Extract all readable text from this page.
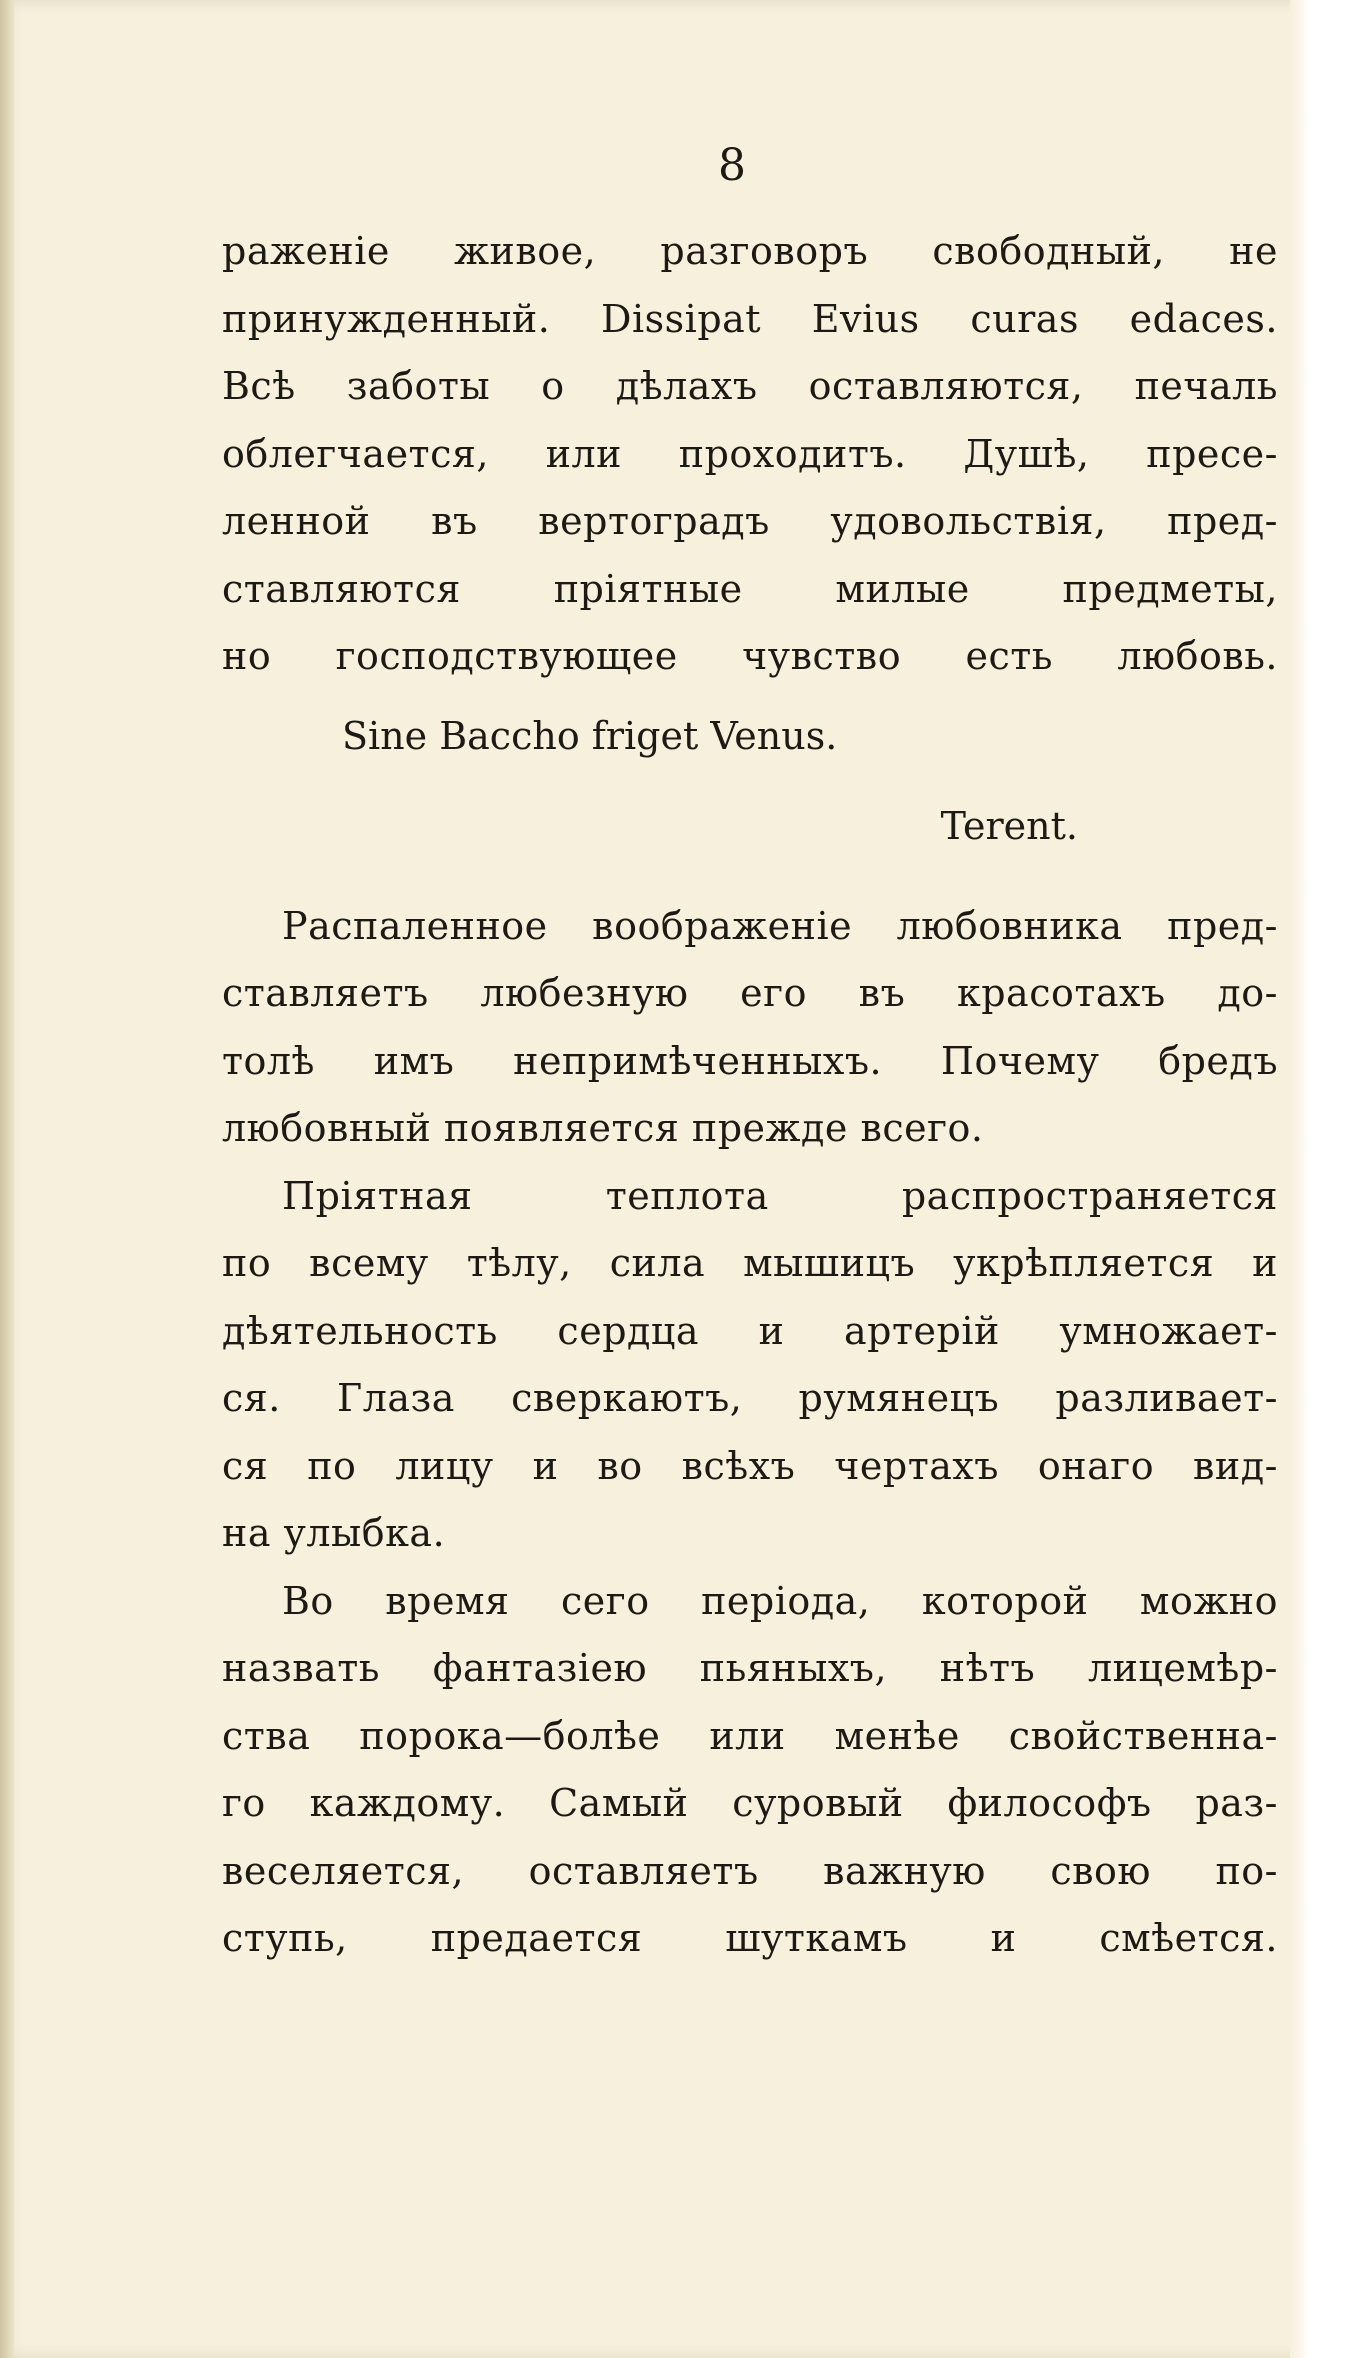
8
раженіе живое, разговоръ свободный, не
принужденный. Dissipat Evius curas edaces.
Всѣ заботы о дѣлахъ оставляются, печаль
облегчается, или проходитъ. Душѣ, пресе-
ленной въ вертоградъ удовольствія, пред-
ставляются пріятные милые предметы,
но господствующее чувство есть любовь.
Sine Baccho friget Venus.
Terent.
Распаленное воображеніе любовника пред-
ставляетъ любезную его въ красотахъ до-
толѣ имъ непримѣченныхъ. Почему бредъ
любовный появляется прежде всего.
Пріятная теплота распространяется
по всему тѣлу, сила мышицъ укрѣпляется и
дѣятельность сердца и артерій умножает-
ся. Глаза сверкаютъ, румянецъ разливает-
ся по лицу и во всѣхъ чертахъ онаго вид-
на улыбка.
Во время сего періода, которой можно
назвать фантазіею пьяныхъ, нѣтъ лицемѣр-
ства порока—болѣе или менѣе свойственна-
го каждому. Самый суровый философъ раз-
веселяется, оставляетъ важную свою по-
ступь, предается шуткамъ и смѣется.
